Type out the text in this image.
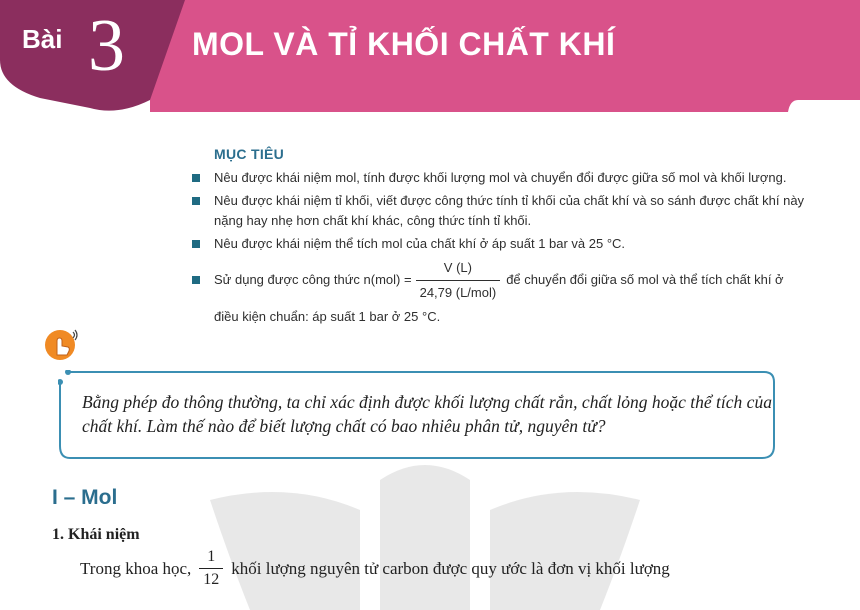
Bài 3 MOL VÀ TỈ KHỐI CHẤT KHÍ
MỤC TIÊU
Nêu được khái niệm mol, tính được khối lượng mol và chuyển đổi được giữa số mol và khối lượng.
Nêu được khái niệm tỉ khối, viết được công thức tính tỉ khối của chất khí và so sánh được chất khí này nặng hay nhẹ hơn chất khí khác, công thức tính tỉ khối.
Nêu được khái niệm thể tích mol của chất khí ở áp suất 1 bar và 25 °C.
Sử dụng được công thức $n(mol) = \frac{V (L)}{\text{24,79 (L/mol)}}$ để chuyển đổi giữa số mol và thể tích chất khí ở
điều kiện chuẩn: áp suất 1 bar ở 25 °C.
Bằng phép đo thông thường, ta chỉ xác định được khối lượng chất rắn, chất lỏng hoặc thể tích của chất khí. Làm thế nào để biết lượng chất có bao nhiêu phân tử, nguyên tử?
I – Mol
1. Khái niệm
Trong khoa học, $\frac{1}{12}$ khối lượng nguyên tử carbon được quy ước là đơn vị khối lượng
